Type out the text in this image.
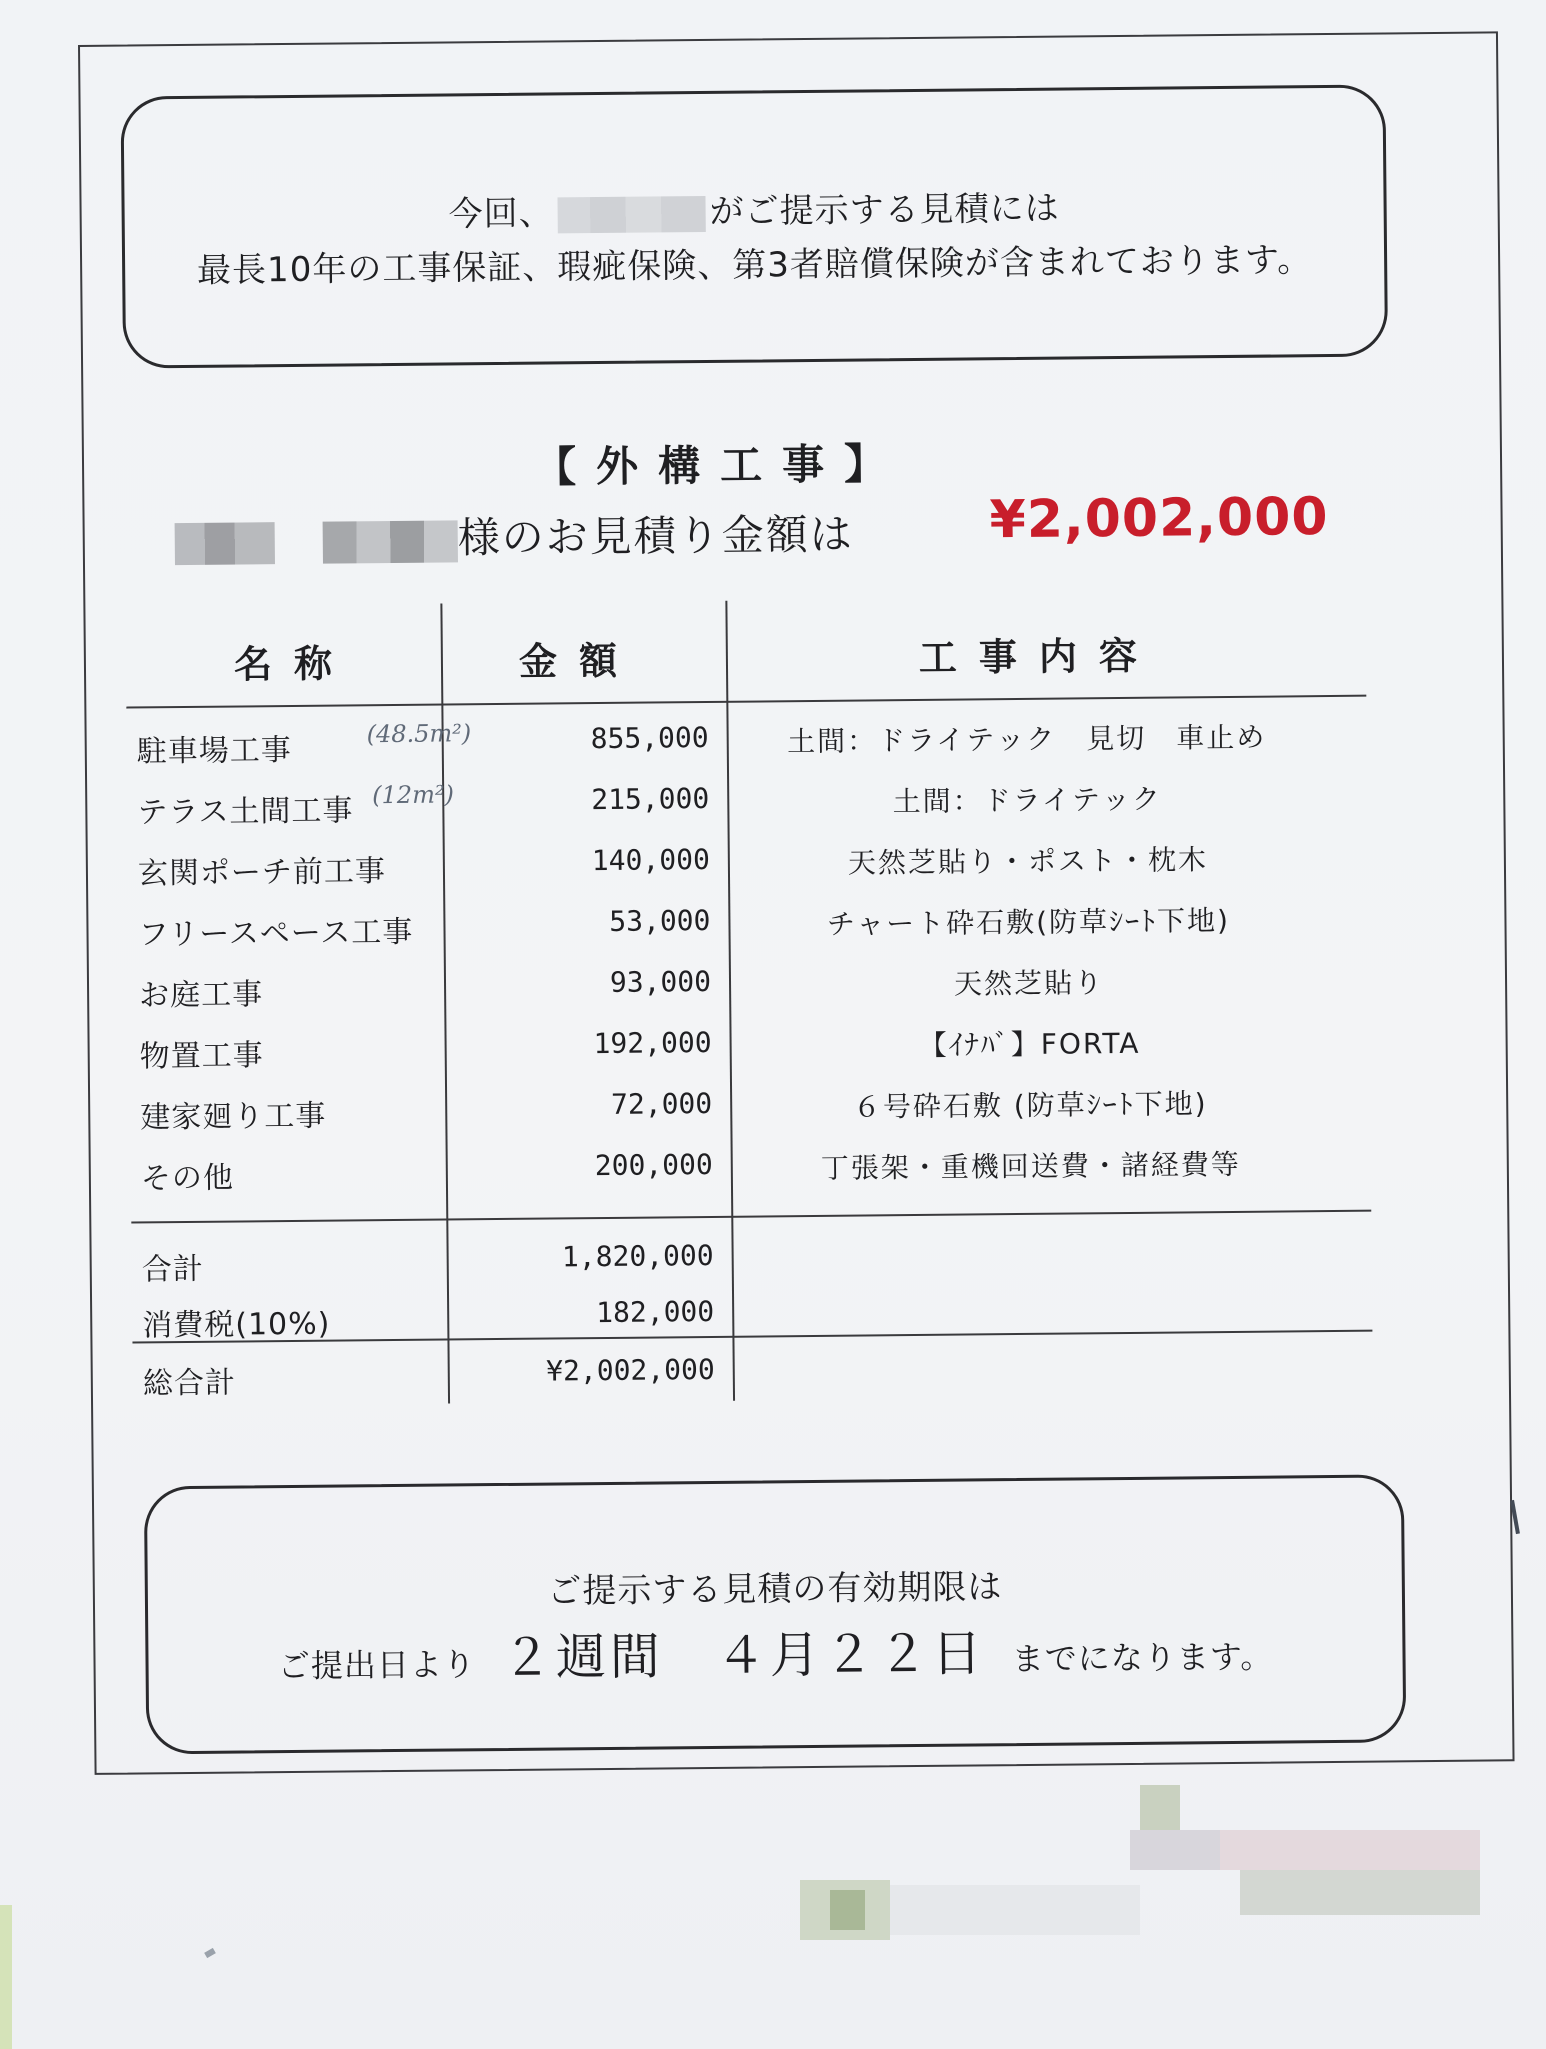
今回、	がご提示する見積には
最長10年の工事保証、瑕疵保険、第3者賠償保険が含まれております。
【外構工事】
様のお見積り金額は	¥2,002,000
名称	金額	工事内容
駐車場工事	(48.5m²)	855,000	土間：ドライテック　見切　車止め
テラス土間工事 (12m²)	215,000	土間：ドライテック
玄関ポーチ前工事	140,000	天然芝貼り・ポスト・枕木
フリースペース工事	53,000	チャート砕石敷(防草ｼｰﾄ下地)
お庭工事	93,000	天然芝貼り
物置工事	192,000	【ｲﾅﾊﾞ】FORTA
建家廻り工事	72,000	６号砕石敷 (防草ｼｰﾄ下地)
その他	200,000	丁張架・重機回送費・諸経費等
合計	1,820,000
消費税(10%)	182,000
総合計	¥2,002,000
ご提示する見積の有効期限は
ご提出日より ２週間 ４月２２日 までになります。
